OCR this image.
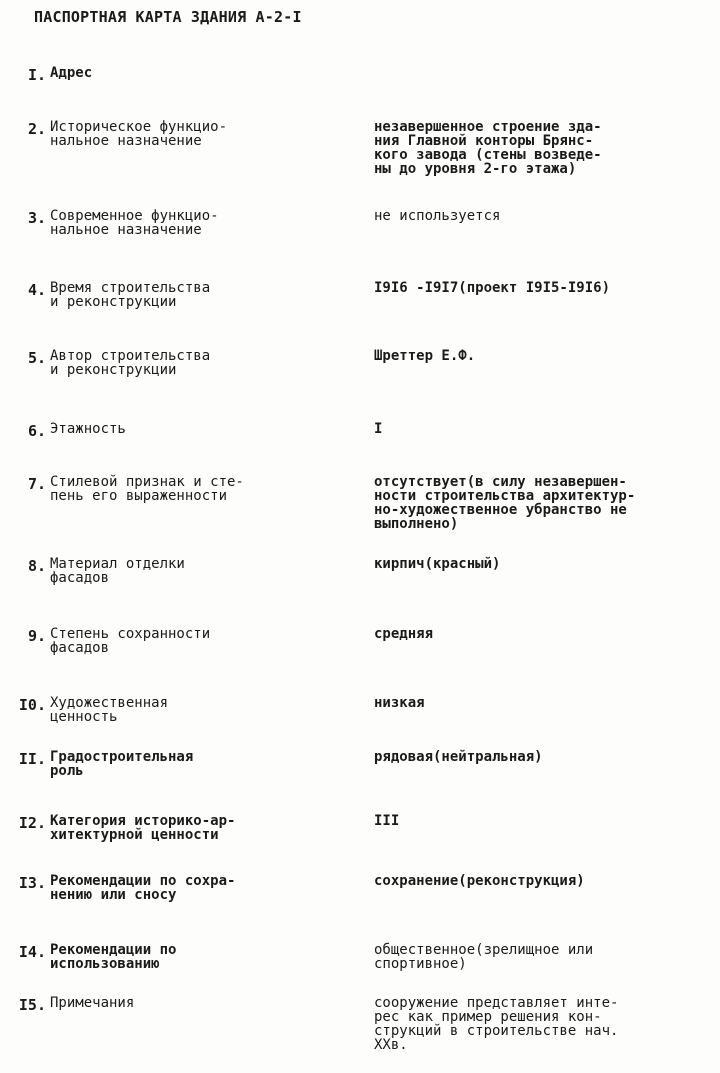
ПАСПОРТНАЯ КАРТА ЗДАНИЯ А-2-I
I. Адрес
2. Историческое функцио-
нальное назначение
незавершенное строение зда-
ния Главной конторы Брянс-
кого завода (стены возведе-
ны до уровня 2-го этажа)
3. Современное функцио-
нальное назначение
не используется
4. Время строительства
и реконструкции
I9I6 -I9I7(проект I9I5-I9I6)
5. Автор строительства
и реконструкции
Шреттер Е.Ф.
6. Этажность	I
7. Стилевой признак и сте-
пень его выраженности
отсутствует(в силу незавершен-
ности строительства архитектур-
но-художественное убранство не
выполнено)
8. Материал отделки
фасадов
кирпич(красный)
9. Степень сохранности
фасадов
средняя
I0. Художественная
ценность
низкая
II. Градостроительная
роль
рядовая(нейтральная)
I2. Категория историко-ар-
хитектурной ценности
III
I3. Рекомендации по сохра-
нению или сносу
сохранение(реконструкция)
I4. Рекомендации по
использованию
общественное(зрелищное или
спортивное)
I5. Примечания	сооружение представляет инте-
рес как пример решения кон-
струкций в строительстве нач.
ХХв.
